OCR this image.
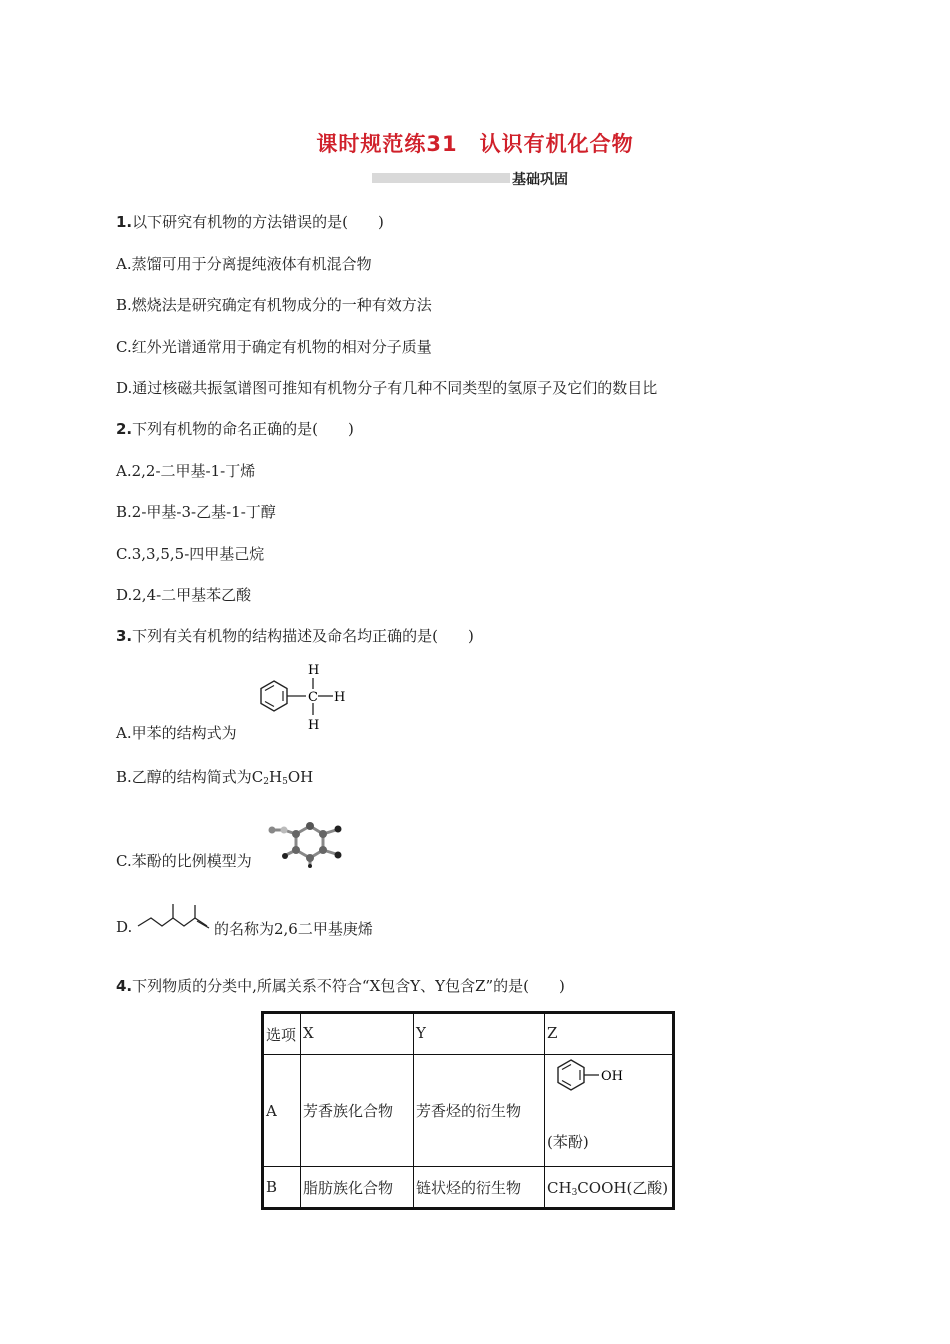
课时规范练31　认识有机化合物
基础巩固
1.以下研究有机物的方法错误的是(　　)
A.蒸馏可用于分离提纯液体有机混合物
B.燃烧法是研究确定有机物成分的一种有效方法
C.红外光谱通常用于确定有机物的相对分子质量
D.通过核磁共振氢谱图可推知有机物分子有几种不同类型的氢原子及它们的数目比
2.下列有机物的命名正确的是(　　)
A.2,2-二甲基-1-丁烯
B.2-甲基-3-乙基-1-丁醇
C.3,3,5,5-四甲基己烷
D.2,4-二甲基苯乙酸
3.下列有关有机物的结构描述及命名均正确的是(　　)
C
H
H
H
A.甲苯的结构式为
B.乙醇的结构简式为$C_2H_5OH$
C.苯酚的比例模型为
D.	的名称为2,6二甲基庚烯
4.下列物质的分类中,所属关系不符合“X包含Y、Y包含Z”的是(　　)
选项	X	Y	Z
A	芳香族化合物	芳香烃的衍生物	OH
(苯酚)

B	脂肪族化合物	链状烃的衍生物	$CH_3COOH$(乙酸)
